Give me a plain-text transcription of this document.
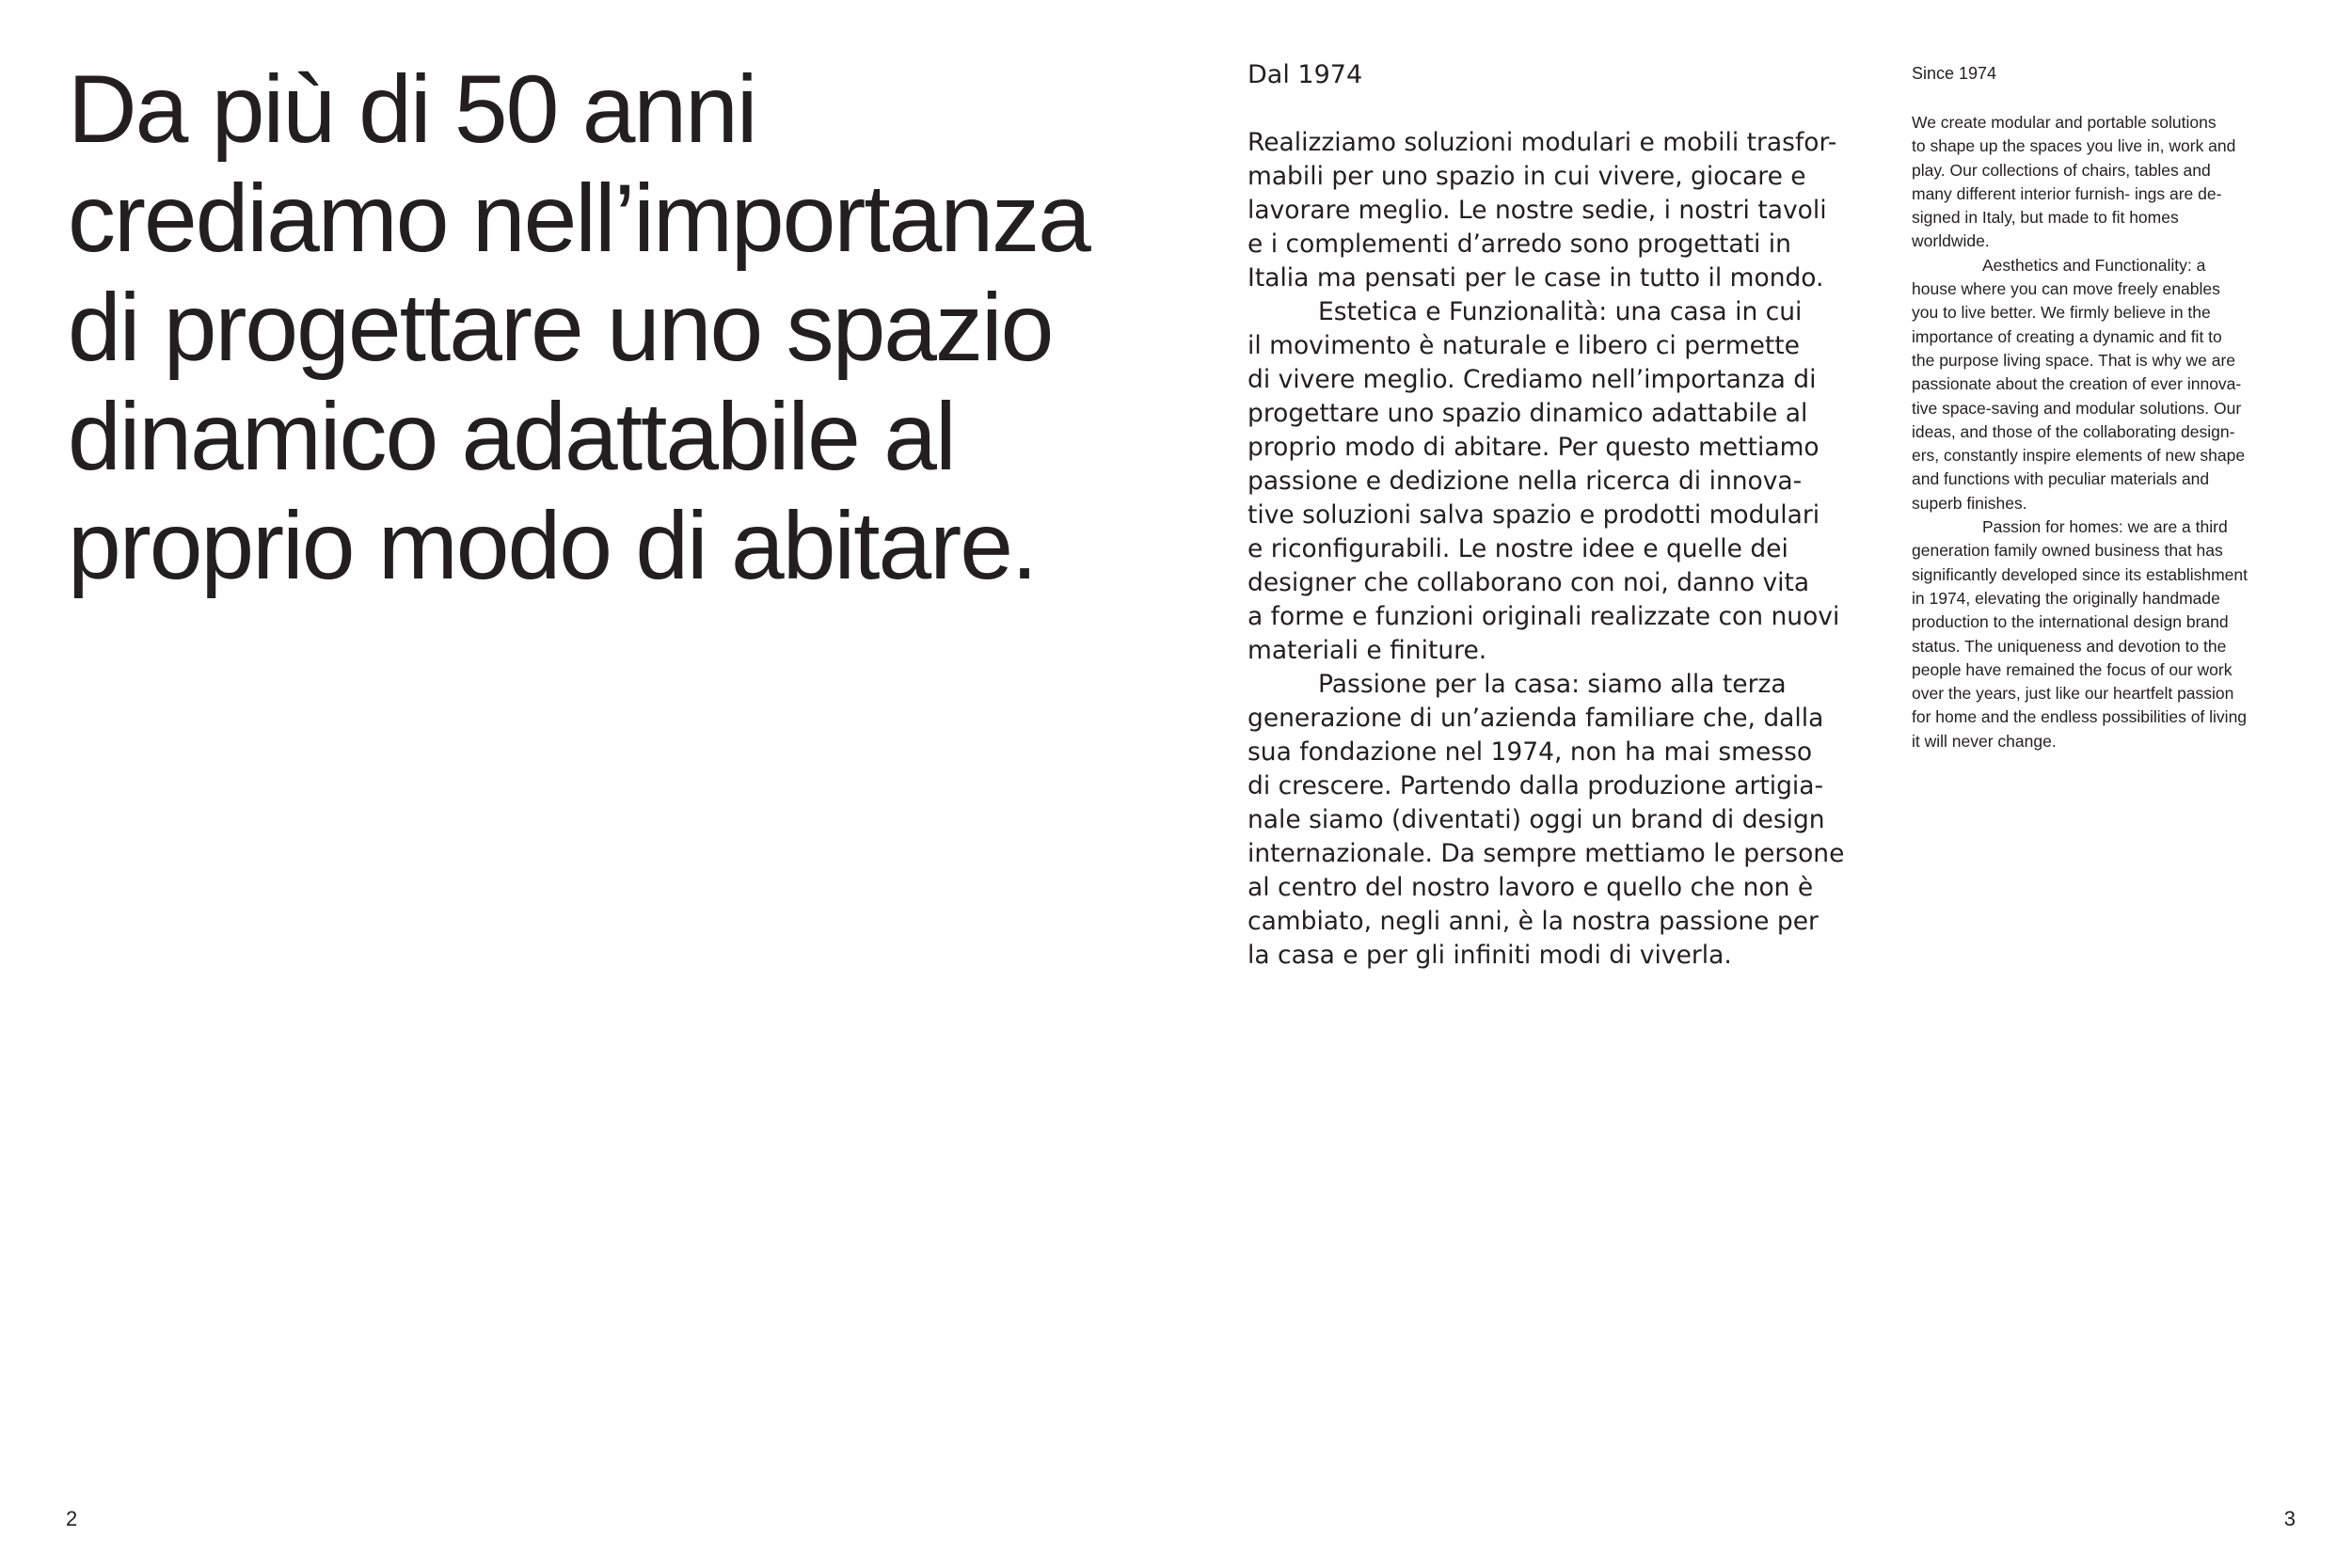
Da più di 50 anni
crediamo nell’importanza
di progettare uno spazio
dinamico adattabile al
proprio modo di abitare.
2
Dal 1974

Realizziamo soluzioni modulari e mobili trasfor-
mabili per uno spazio in cui vivere, giocare e
lavorare meglio. Le nostre sedie, i nostri tavoli
e i complementi d’arredo sono progettati in
Italia ma pensati per le case in tutto il mondo.

Estetica e Funzionalità: una casa in cui
il movimento è naturale e libero ci permette
di vivere meglio. Crediamo nell’importanza di
progettare uno spazio dinamico adattabile al
proprio modo di abitare. Per questo mettiamo
passione e dedizione nella ricerca di innova-
tive soluzioni salva spazio e prodotti modulari
e riconfigurabili. Le nostre idee e quelle dei
designer che collaborano con noi, danno vita
a forme e funzioni originali realizzate con nuovi
materiali e finiture.

Passione per la casa: siamo alla terza
generazione di un’azienda familiare che, dalla
sua fondazione nel 1974, non ha mai smesso
di crescere. Partendo dalla produzione artigia-
nale siamo (diventati) oggi un brand di design
internazionale. Da sempre mettiamo le persone
al centro del nostro lavoro e quello che non è
cambiato, negli anni, è la nostra passione per
la casa e per gli infiniti modi di viverla.

Since 1974

We create modular and portable solutions
to shape up the spaces you live in, work and
play. Our collections of chairs, tables and
many different interior furnish- ings are de-
signed in Italy, but made to fit homes
worldwide.

Aesthetics and Functionality: a
house where you can move freely enables
you to live better. We firmly believe in the
importance of creating a dynamic and fit to
the purpose living space. That is why we are
passionate about the creation of ever innova-
tive space-saving and modular solutions. Our
ideas, and those of the collaborating design-
ers, constantly inspire elements of new shape
and functions with peculiar materials and
superb finishes.

Passion for homes: we are a third
generation family owned business that has
significantly developed since its establishment
in 1974, elevating the originally handmade
production to the international design brand
status. The uniqueness and devotion to the
people have remained the focus of our work
over the years, just like our heartfelt passion
for home and the endless possibilities of living
it will never change.

3
